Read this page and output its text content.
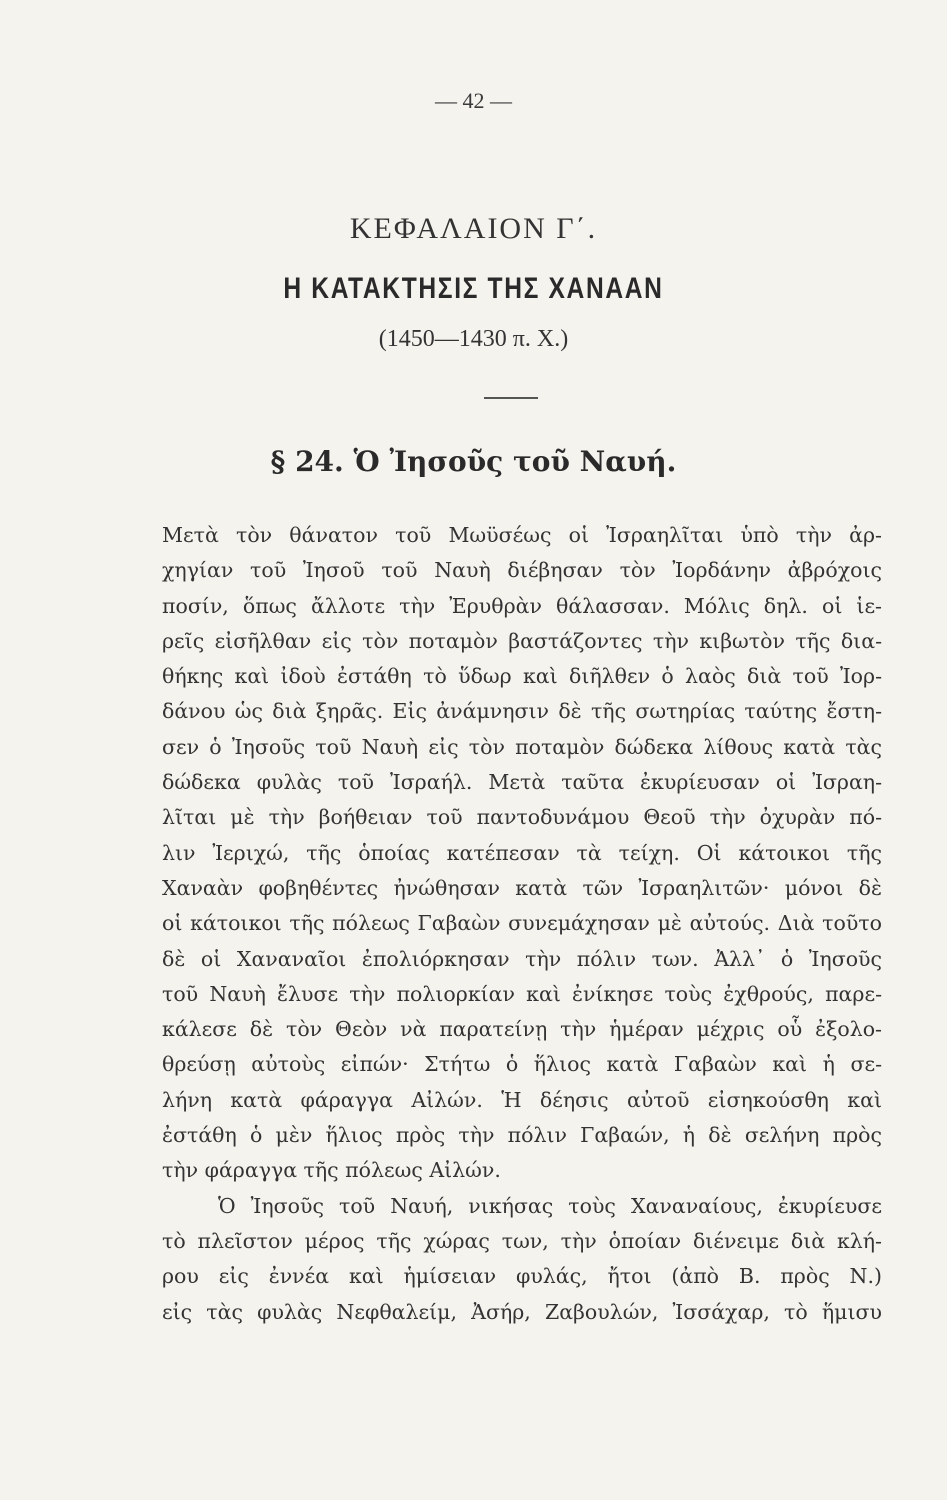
— 42 —
ΚΕΦΑΛΑΙΟΝ Γ΄.
Η ΚΑΤΑΚΤΗΣΙΣ ΤΗΣ ΧΑΝΑΑΝ
(1450—1430 π. Χ.)
§ 24. Ὁ Ἰησοῦς τοῦ Ναυή.
Μετὰ τὸν θάνατον τοῦ Μωϋσέως οἱ Ἰσραηλῖται ὑπὸ τὴν ἀρ-
χηγίαν τοῦ Ἰησοῦ τοῦ Ναυὴ διέβησαν τὸν Ἰορδάνην ἀβρόχοις
ποσίν, ὅπως ἄλλοτε τὴν Ἐρυθρὰν θάλασσαν. Μόλις δηλ. οἱ ἱε-
ρεῖς εἰσῆλθαν εἰς τὸν ποταμὸν βαστάζοντες τὴν κιβωτὸν τῆς δια-
θήκης καὶ ἰδοὺ ἐστάθη τὸ ὕδωρ καὶ διῆλθεν ὁ λαὸς διὰ τοῦ Ἰορ-
δάνου ὡς διὰ ξηρᾶς. Εἰς ἀνάμνησιν δὲ τῆς σωτηρίας ταύτης ἔστη-
σεν ὁ Ἰησοῦς τοῦ Ναυὴ εἰς τὸν ποταμὸν δώδεκα λίθους κατὰ τὰς
δώδεκα φυλὰς τοῦ Ἰσραήλ. Μετὰ ταῦτα ἐκυρίευσαν οἱ Ἰσραη-
λῖται μὲ τὴν βοήθειαν τοῦ παντοδυνάμου Θεοῦ τὴν ὀχυρὰν πό-
λιν Ἰεριχώ, τῆς ὁποίας κατέπεσαν τὰ τείχη. Οἱ κάτοικοι τῆς
Χαναὰν φοβηθέντες ἠνώθησαν κατὰ τῶν Ἰσραηλιτῶν· μόνοι δὲ
οἱ κάτοικοι τῆς πόλεως Γαβαὼν συνεμάχησαν μὲ αὐτούς. Διὰ τοῦτο
δὲ οἱ Χαναναῖοι ἐπολιόρκησαν τὴν πόλιν των. Ἀλλ᾽ ὁ Ἰησοῦς
τοῦ Ναυὴ ἔλυσε τὴν πολιορκίαν καὶ ἐνίκησε τοὺς ἐχθρούς, παρε-
κάλεσε δὲ τὸν Θεὸν νὰ παρατείνῃ τὴν ἡμέραν μέχρις οὗ ἐξολο-
θρεύσῃ αὐτοὺς εἰπών· Στήτω ὁ ἥλιος κατὰ Γαβαὼν καὶ ἡ σε-
λήνη κατὰ φάραγγα Αἰλών. Ἡ δέησις αὐτοῦ εἰσηκούσθη καὶ
ἐστάθη ὁ μὲν ἥλιος πρὸς τὴν πόλιν Γαβαών, ἡ δὲ σελήνη πρὸς
τὴν φάραγγα τῆς πόλεως Αἰλών.
Ὁ Ἰησοῦς τοῦ Ναυή, νικήσας τοὺς Χαναναίους, ἐκυρίευσε
τὸ πλεῖστον μέρος τῆς χώρας των, τὴν ὁποίαν διένειμε διὰ κλή-
ρου εἰς ἐννέα καὶ ἡμίσειαν φυλάς, ἤτοι (ἀπὸ Β. πρὸς Ν.)
εἰς τὰς φυλὰς Νεφθαλείμ, Ἀσήρ, Ζαβουλών, Ἰσσάχαρ, τὸ ἥμισυ
